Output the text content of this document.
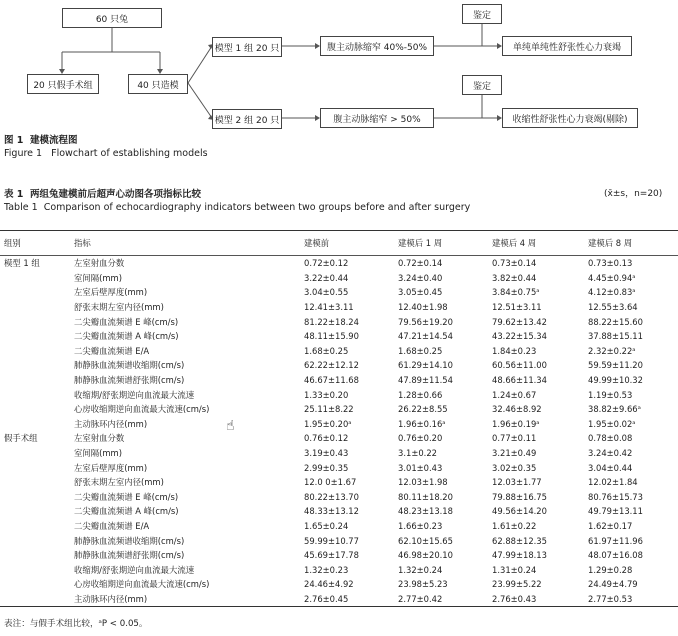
60 只兔
20 只假手术组	40 只造模
模型 1 组 20 只
模型 2 组 20 只
腹主动脉缩窄 40%-50%
腹主动脉缩窄 > 50%
鉴定
鉴定
单纯单纯性舒张性心力衰竭
收缩性舒张性心力衰竭(剔除)
图 1 建模流程图
Figure 1 Flowchart of establishing models
表 1 两组兔建模前后超声心动图各项指标比较	(x̄±s，n=20)
Table 1 Comparison of echocardiography indicators between two groups before and after surgery
组别	指标	建模前	建模后 1 周	建模后 4 周	建模后 8 周
模型 1 组	左室射血分数	0.72±0.12	0.72±0.14	0.73±0.14	0.73±0.13
	室间隔(mm)	3.22±0.44	3.24±0.40	3.82±0.44	4.45±0.94ᵃ
	左室后壁厚度(mm)	3.04±0.55	3.05±0.45	3.84±0.75ᵃ	4.12±0.83ᵃ
	舒张末期左室内径(mm)	12.41±3.11	12.40±1.98	12.51±3.11	12.55±3.64
	二尖瓣血流频谱 E 峰(cm/s)	81.22±18.24	79.56±19.20	79.62±13.42	88.22±15.60
	二尖瓣血流频谱 A 峰(cm/s)	48.11±15.90	47.21±14.54	43.22±15.34	37.88±15.11
	二尖瓣血流频谱 E/A	1.68±0.25	1.68±0.25	1.84±0.23	2.32±0.22ᵃ
	肺静脉血流频谱收缩期(cm/s)	62.22±12.12	61.29±14.10	60.56±11.00	59.59±11.20
	肺静脉血流频谱舒张期(cm/s)	46.67±11.68	47.89±11.54	48.66±11.34	49.99±10.32
	收缩期/舒张期逆向血流最大流速	1.33±0.20	1.28±0.66	1.24±0.67	1.19±0.53
	心房收缩期逆向血流最大流速(cm/s)	25.11±8.22	26.22±8.55	32.46±8.92	38.82±9.66ᵃ
	主动脉环内径(mm)	1.95±0.20ᵃ	1.96±0.16ᵃ	1.96±0.19ᵃ	1.95±0.02ᵃ
假手术组	左室射血分数	0.76±0.12	0.76±0.20	0.77±0.11	0.78±0.08
	室间隔(mm)	3.19±0.43	3.1±0.22	3.21±0.49	3.24±0.42
	左室后壁厚度(mm)	2.99±0.35	3.01±0.43	3.02±0.35	3.04±0.44
	舒张末期左室内径(mm)	12.0 0±1.67	12.03±1.98	12.03±1.77	12.02±1.84
	二尖瓣血流频谱 E 峰(cm/s)	80.22±13.70	80.11±18.20	79.88±16.75	80.76±15.73
	二尖瓣血流频谱 A 峰(cm/s)	48.33±13.12	48.23±13.18	49.56±14.20	49.79±13.11
	二尖瓣血流频谱 E/A	1.65±0.24	1.66±0.23	1.61±0.22	1.62±0.17
	肺静脉血流频谱收缩期(cm/s)	59.99±10.77	62.10±15.65	62.88±12.35	61.97±11.96
	肺静脉血流频谱舒张期(cm/s)	45.69±17.78	46.98±20.10	47.99±18.13	48.07±16.08
	收缩期/舒张期逆向血流最大流速	1.32±0.23	1.32±0.24	1.31±0.24	1.29±0.28
	心房收缩期逆向血流最大流速(cm/s)	24.46±4.92	23.98±5.23	23.99±5.22	24.49±4.79
	主动脉环内径(mm)	2.76±0.45	2.77±0.42	2.76±0.43	2.77±0.53
表注：与假手术组比较，ᵃP < 0.05。
☝
